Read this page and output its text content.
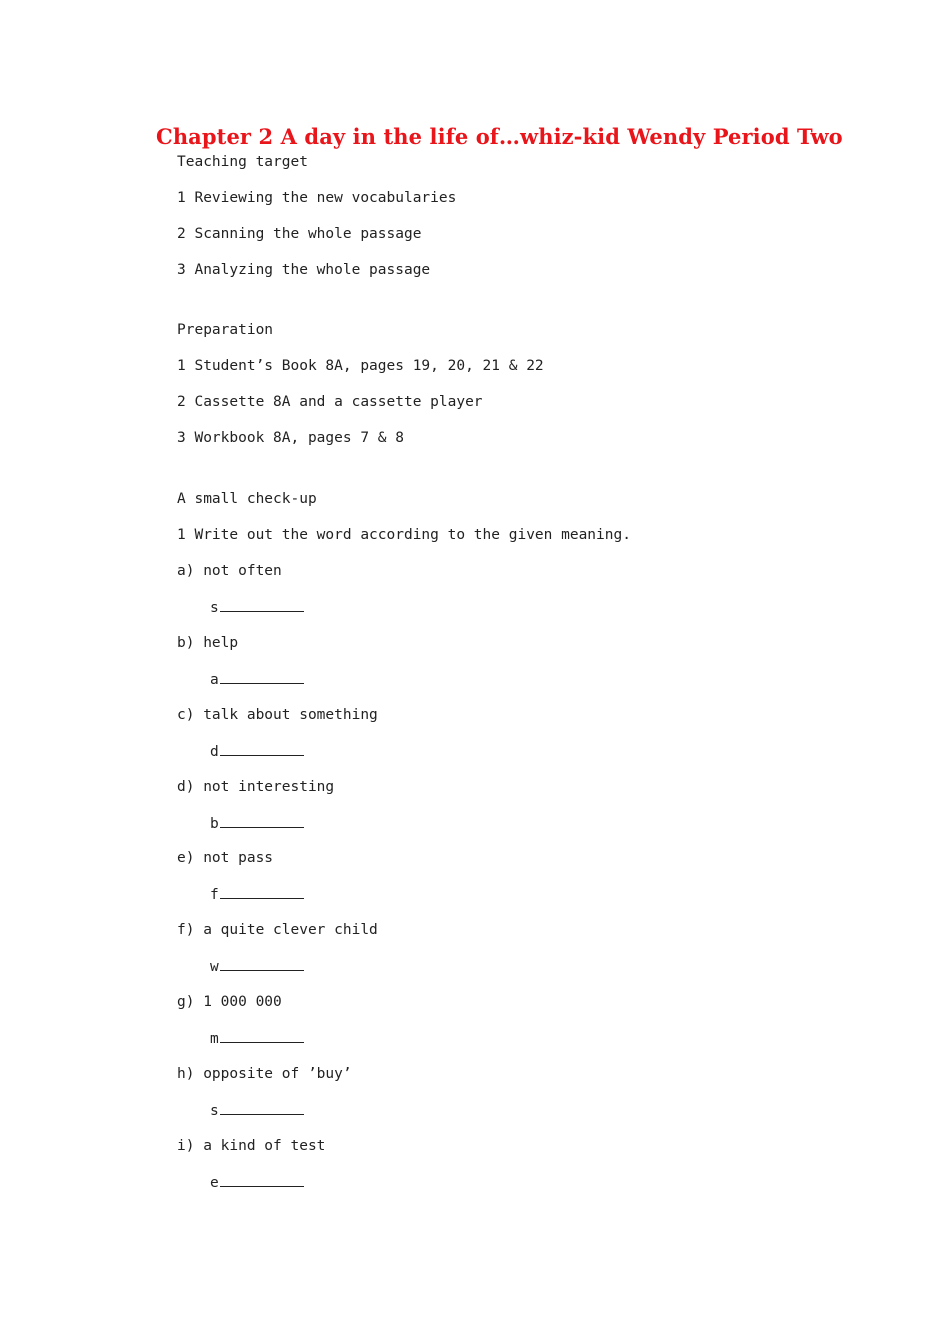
Chapter 2 A day in the life of…whiz-kid Wendy Period Two
Teaching target
1 Reviewing the new vocabularies
2 Scanning the whole passage
3 Analyzing the whole passage
Preparation
1 Student’s Book 8A, pages 19, 20, 21 & 22
2 Cassette 8A and a cassette player
3 Workbook 8A, pages 7 & 8
A small check-up
1 Write out the word according to the given meaning.
a) not often
s
b) help
a
c) talk about something
d
d) not interesting
b
e) not pass
f
f) a quite clever child
w
g) 1 000 000
m
h) opposite of ’buy’
s
i) a kind of test
e
